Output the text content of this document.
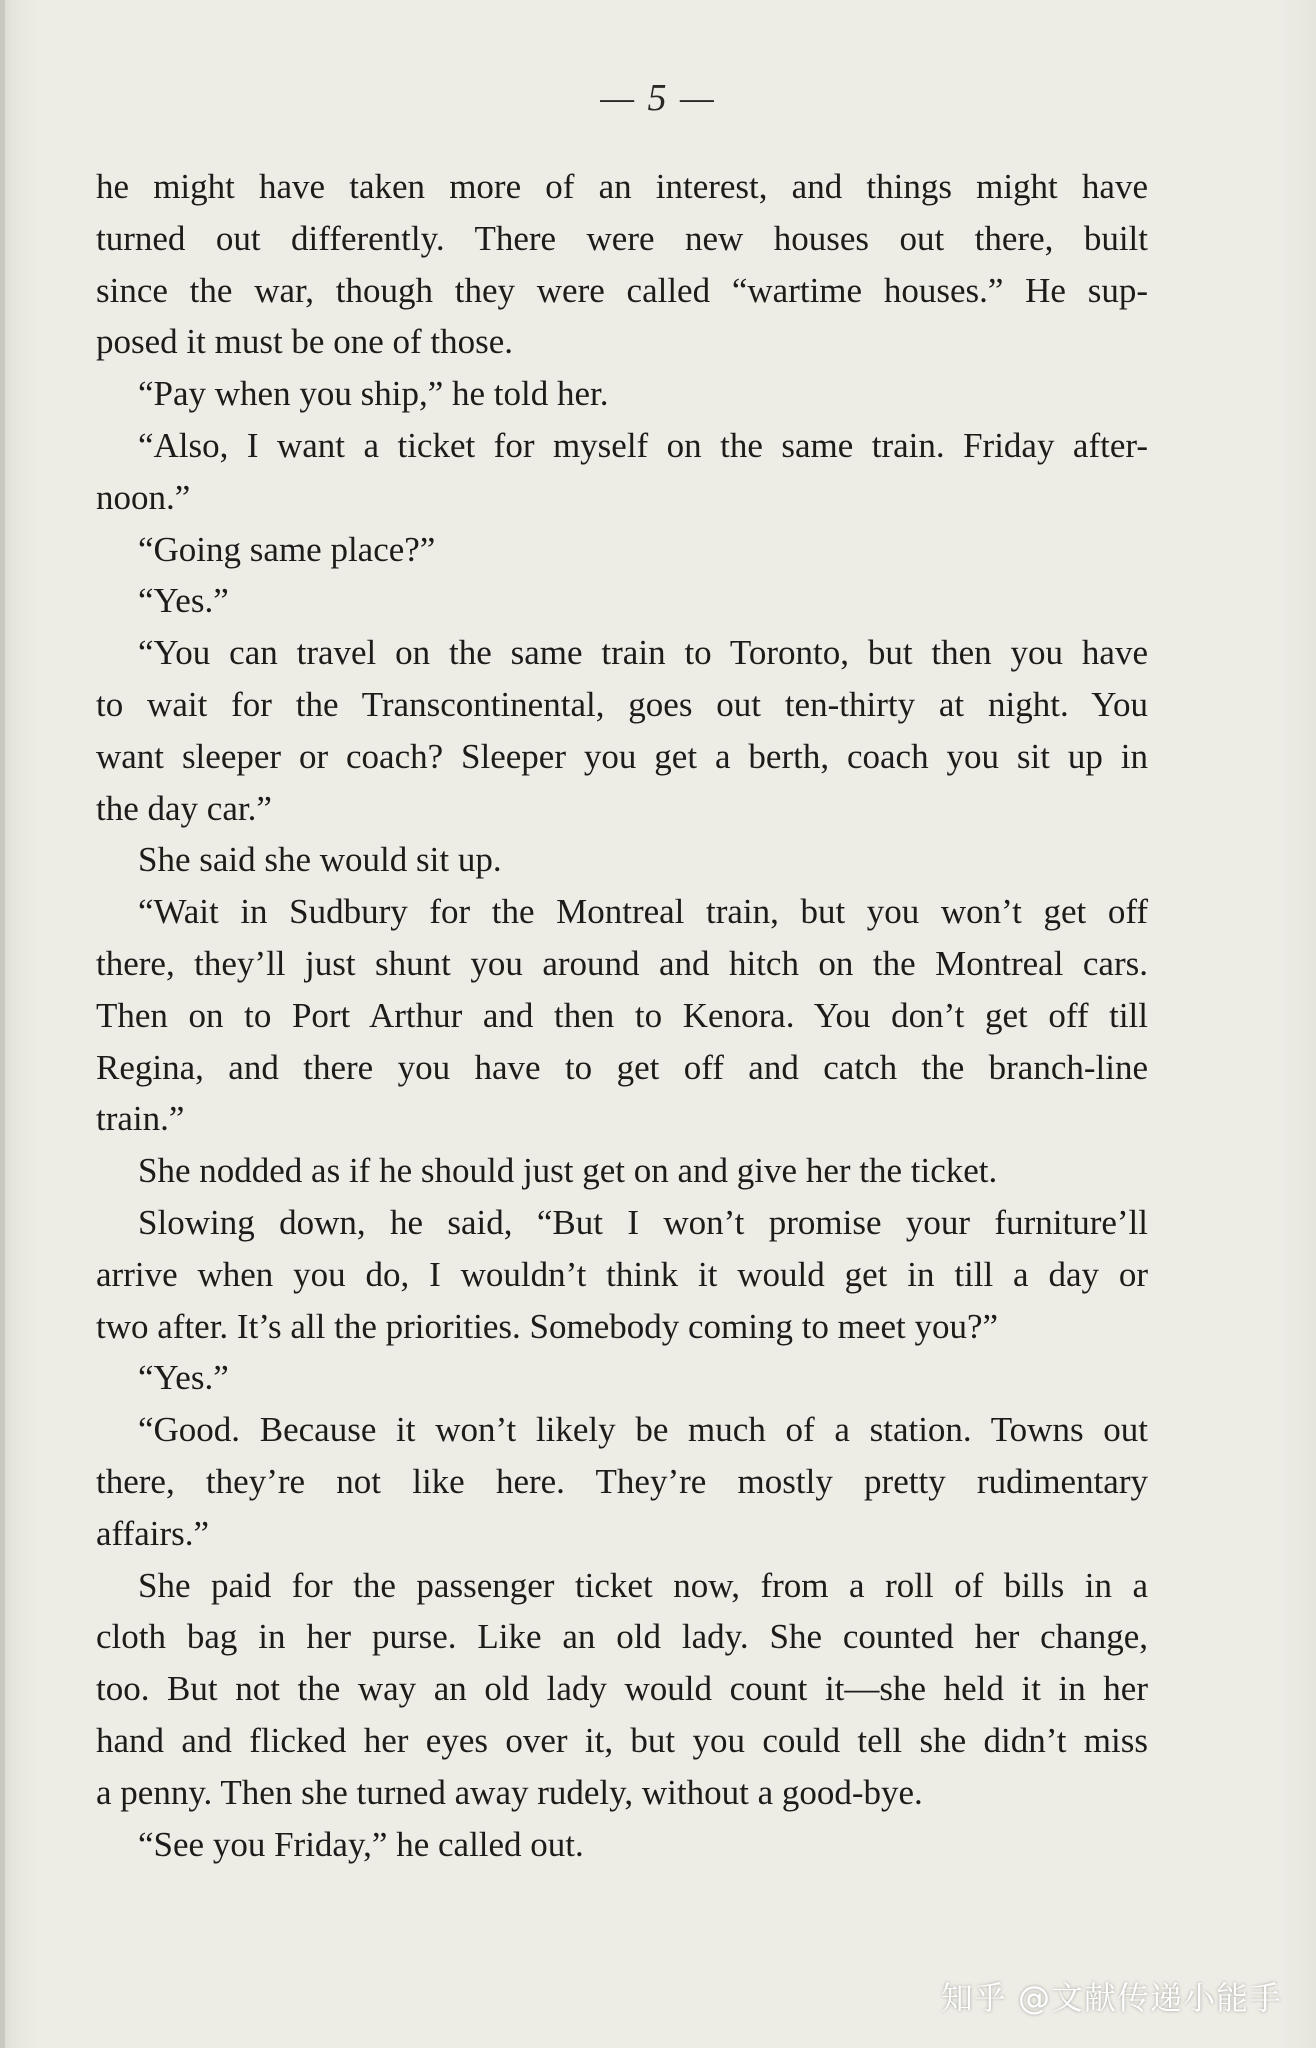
— 5 —
he might have taken more of an interest, and things might have
turned out differently. There were new houses out there, built
since the war, though they were called “wartime houses.” He sup-
posed it must be one of those.
“Pay when you ship,” he told her.
“Also, I want a ticket for myself on the same train. Friday after-
noon.”
“Going same place?”
“Yes.”
“You can travel on the same train to Toronto, but then you have
to wait for the Transcontinental, goes out ten-thirty at night. You
want sleeper or coach? Sleeper you get a berth, coach you sit up in
the day car.”
She said she would sit up.
“Wait in Sudbury for the Montreal train, but you won’t get off
there, they’ll just shunt you around and hitch on the Montreal cars.
Then on to Port Arthur and then to Kenora. You don’t get off till
Regina, and there you have to get off and catch the branch-line
train.”
She nodded as if he should just get on and give her the ticket.
Slowing down, he said, “But I won’t promise your furniture’ll
arrive when you do, I wouldn’t think it would get in till a day or
two after. It’s all the priorities. Somebody coming to meet you?”
“Yes.”
“Good. Because it won’t likely be much of a station. Towns out
there, they’re not like here. They’re mostly pretty rudimentary
affairs.”
She paid for the passenger ticket now, from a roll of bills in a
cloth bag in her purse. Like an old lady. She counted her change,
too. But not the way an old lady would count it—she held it in her
hand and flicked her eyes over it, but you could tell she didn’t miss
a penny. Then she turned away rudely, without a good-bye.
“See you Friday,” he called out.
知乎 @文献传递小能手
